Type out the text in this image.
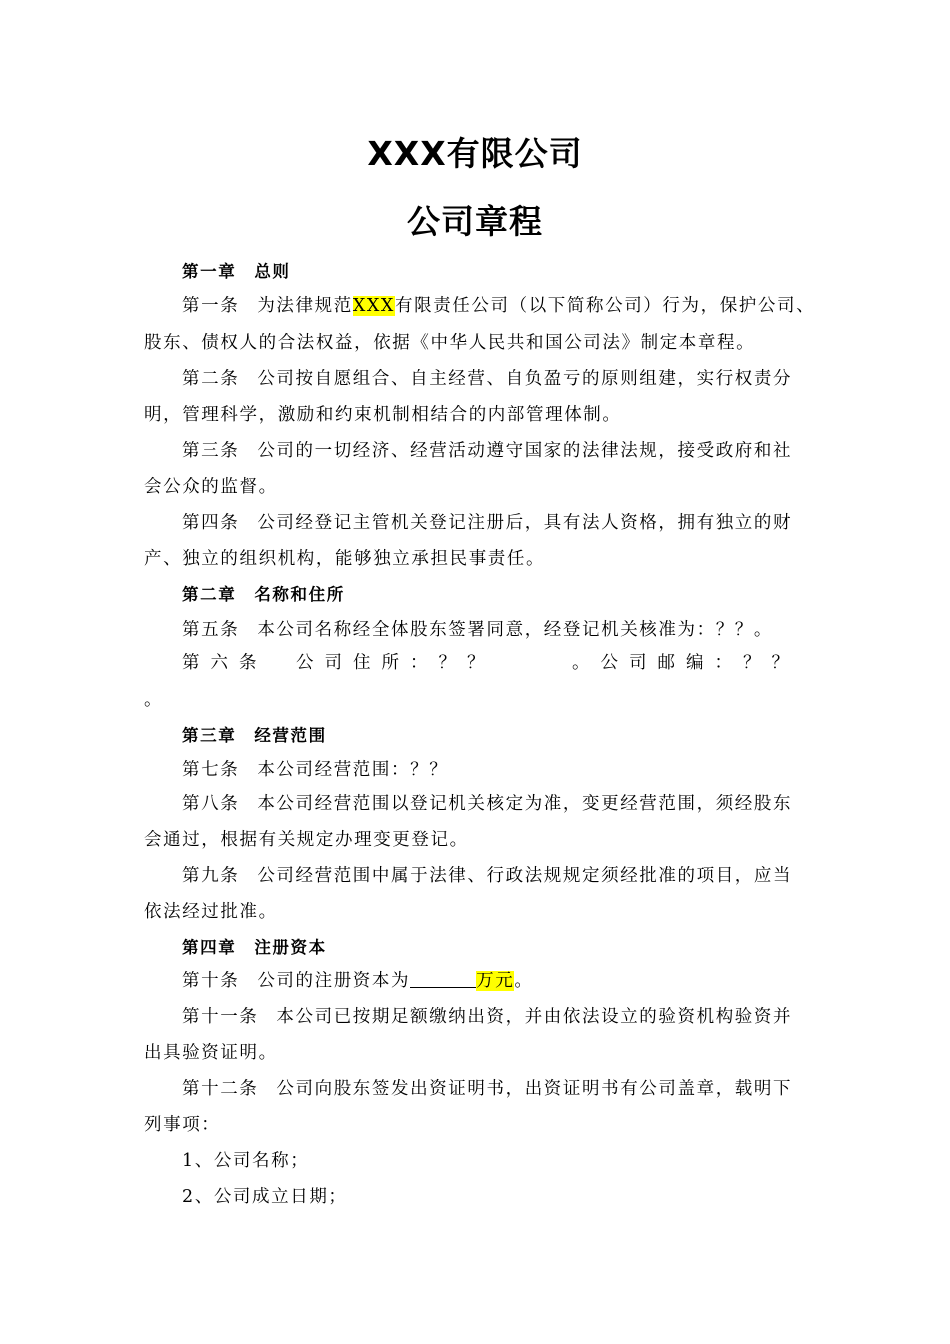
XXX有限公司
公司章程
第一章 总则
第一条 为法律规范XXX有限责任公司（以下简称公司）行为，保护公司、
股东、债权人的合法权益，依据《中华人民共和国公司法》制定本章程。
第二条 公司按自愿组合、自主经营、自负盈亏的原则组建，实行权责分
明，管理科学，激励和约束机制相结合的内部管理体制。
第三条 公司的一切经济、经营活动遵守国家的法律法规，接受政府和社
会公众的监督。
第四条 公司经登记主管机关登记注册后，具有法人资格，拥有独立的财
产、独立的组织机构，能够独立承担民事责任。
第二章 名称和住所
第五条 本公司名称经全体股东签署同意，经登记机关核准为：？？。
第六条　公司住所：？？	。公司邮编：？？
。
第三章 经营范围
第七条 本公司经营范围：？？
第八条 本公司经营范围以登记机关核定为准，变更经营范围，须经股东
会通过，根据有关规定办理变更登记。
第九条 公司经营范围中属于法律、行政法规规定须经批准的项目，应当
依法经过批准。
第四章 注册资本
第十条 公司的注册资本为	万元。
第十一条 本公司已按期足额缴纳出资，并由依法设立的验资机构验资并
出具验资证明。
第十二条 公司向股东签发出资证明书，出资证明书有公司盖章，载明下
列事项：
1、公司名称；
2、公司成立日期；
